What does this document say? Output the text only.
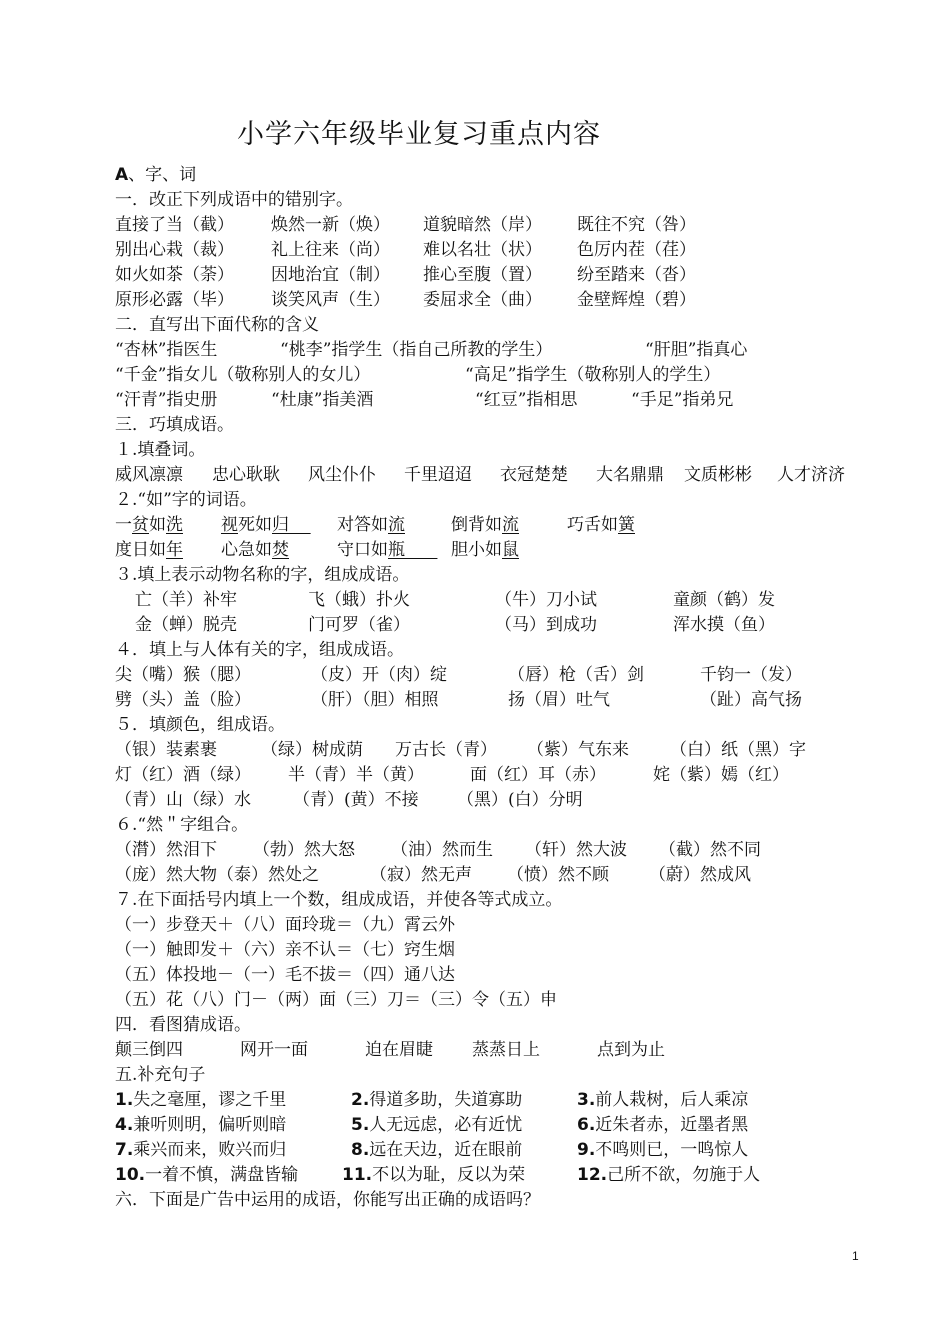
小学六年级毕业复习重点内容
A、字、词
一．改正下列成语中的错别字。
直接了当（截） 焕然一新（焕） 道貌暗然（岸） 既往不究（咎）
别出心栽（裁） 礼上往来（尚） 难以名壮（状） 色厉内茬（荏）
如火如茶（荼） 因地治宜（制） 推心至腹（置） 纷至踏来（沓）
原形必露（毕） 谈笑风声（生） 委屈求全（曲） 金壁辉煌（碧）
二．直写出下面代称的含义
“杏林”指医生	“桃李”指学生（指自己所教的学生）	“肝胆”指真心
“千金”指女儿（敬称别人的女儿）	“高足”指学生（敬称别人的学生）
“汗青”指史册	“杜康”指美酒	“红豆”指相思	“手足”指弟兄
三．巧填成语。
１.填叠词。
威风凛凛 忠心耿耿 风尘仆仆 千里迢迢 衣冠楚楚 大名鼎鼎 文质彬彬 人才济济
２.“如”字的词语。
一贫如洗 视死如归	对答如流	倒背如流	巧舌如簧
度日如年 心急如焚	守口如瓶	胆小如鼠
３.填上表示动物名称的字，组成成语。
亡（羊）补牢	飞（蛾）扑火	（牛）刀小试	童颜（鹤）发
金（蝉）脱壳	门可罗（雀）	（马）到成功	浑水摸（鱼）
４．填上与人体有关的字，组成成语。
尖（嘴）猴（腮）	（皮）开（肉）绽	（唇）枪（舌）剑	千钧一（发）
劈（头）盖（脸）	（肝）（胆）相照	扬（眉）吐气	（趾）高气扬
５．填颜色，组成语。
（银）装素裹	（绿）树成荫 万古长（青） （紫）气东来 （白）纸（黑）字
灯（红）酒（绿） 半（青）半（黄）	面（红）耳（赤）	姹（紫）嫣（红）
（青）山（绿）水 （青）(黄）不接 （黑）(白）分明
６.“然＂字组合。
（潸）然泪下 （勃）然大怒 （油）然而生 （轩）然大波 （截）然不同
（庞）然大物（泰）然处之	（寂）然无声 （愤）然不顾 （蔚）然成风
７.在下面括号内填上一个数，组成成语，并使各等式成立。
（一）步登天＋（八）面玲珑＝（九）霄云外
（一）触即发＋（六）亲不认＝（七）窍生烟
（五）体投地－（一）毛不拔＝（四）通八达
（五）花（八）门－（两）面（三）刀＝（三）令（五）申
四．看图猜成语。
颠三倒四	网开一面	迫在眉睫 蒸蒸日上	点到为止
五.补充句子
1.失之毫厘，谬之千里	2.得道多助，失道寡助	3.前人栽树，后人乘凉
4.兼听则明，偏听则暗	5.人无远虑，必有近忧	6.近朱者赤，近墨者黑
7.乘兴而来，败兴而归	8.远在天边，近在眼前	9.不鸣则已，一鸣惊人
10.一着不慎，满盘皆输	11.不以为耻，反以为荣	12.己所不欲，勿施于人
六．下面是广告中运用的成语，你能写出正确的成语吗？
1
